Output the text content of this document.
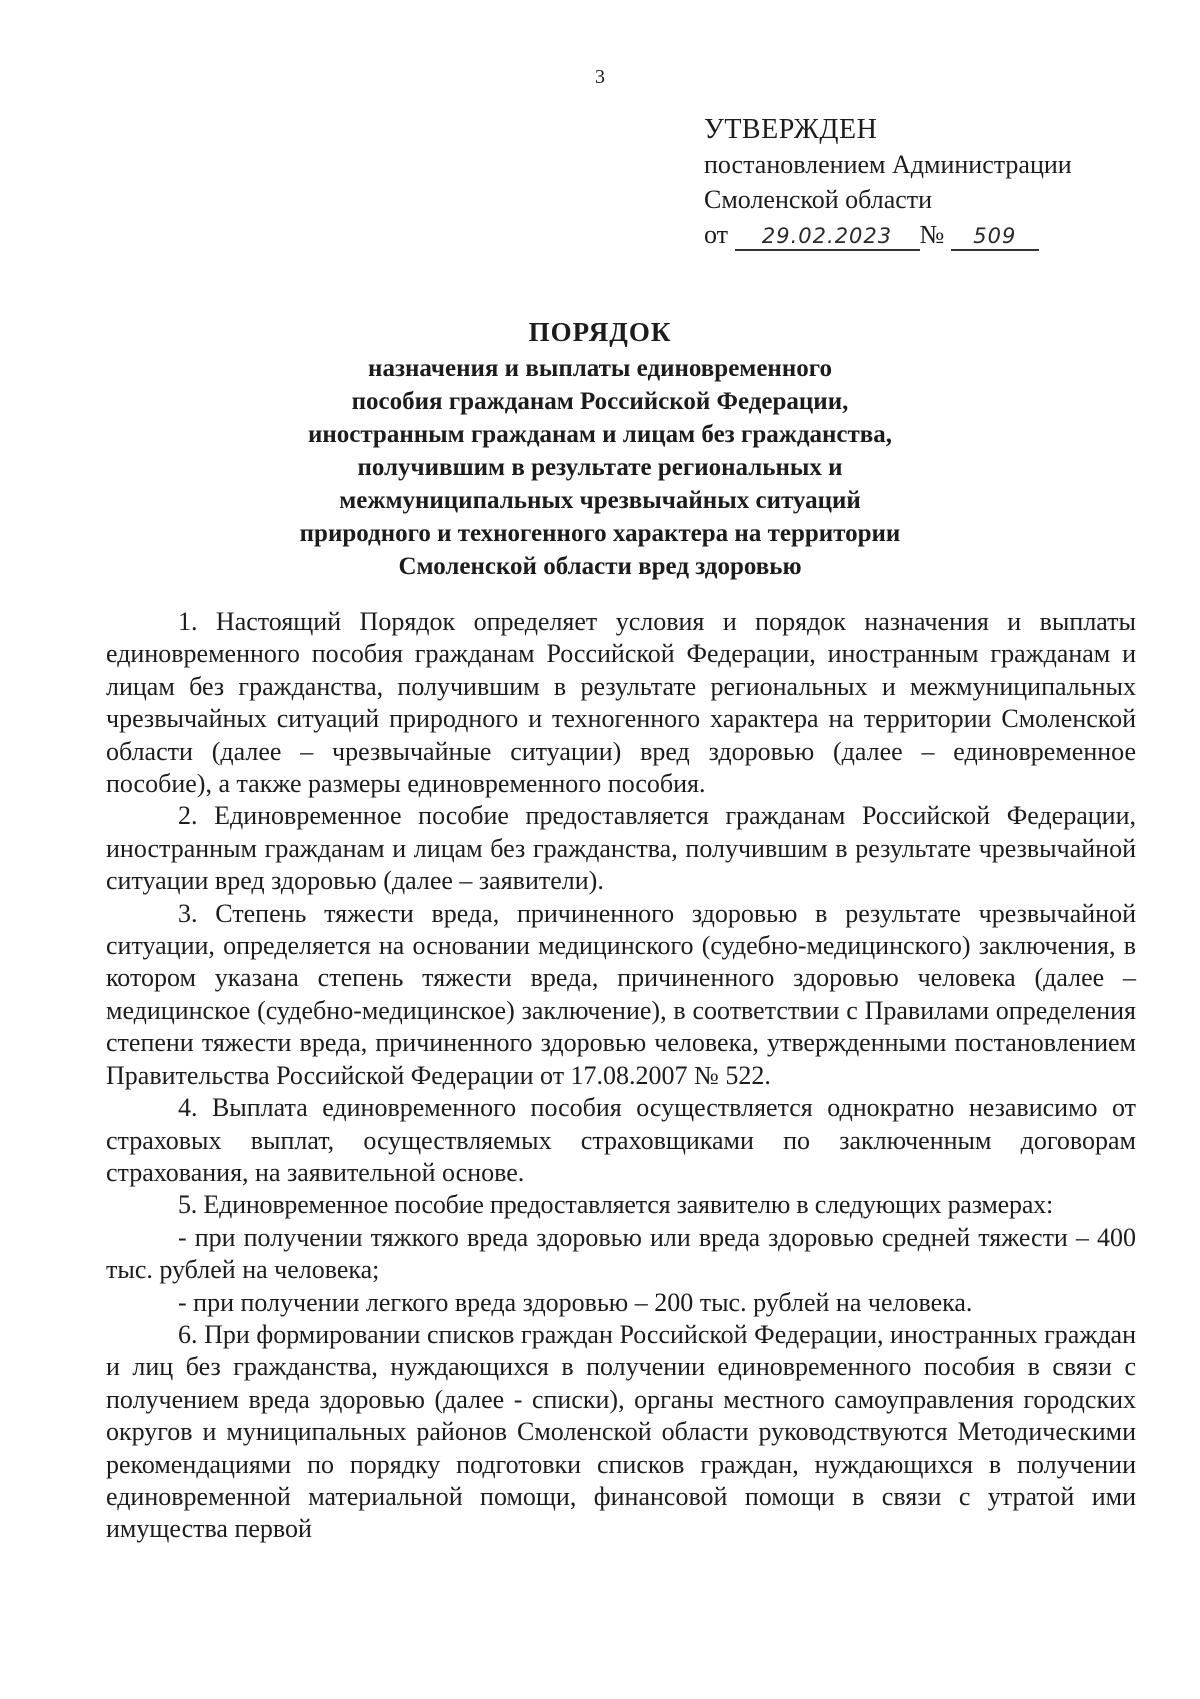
3
УТВЕРЖДЕН
постановлением Администрации
Смоленской области
от 29.02.2023 № 509
ПОРЯДОК
назначения и выплаты единовременного
пособия гражданам Российской Федерации,
иностранным гражданам и лицам без гражданства,
получившим в результате региональных и
межмуниципальных чрезвычайных ситуаций
природного и техногенного характера на территории
Смоленской области вред здоровью

1. Настоящий Порядок определяет условия и порядок назначения и выплаты единовременного пособия гражданам Российской Федерации, иностранным гражданам и лицам без гражданства, получившим в результате региональных и межмуниципальных чрезвычайных ситуаций природного и техногенного характера на территории Смоленской области (далее – чрезвычайные ситуации) вред здоровью (далее – единовременное пособие), а также размеры единовременного пособия.

2. Единовременное пособие предоставляется гражданам Российской Федерации, иностранным гражданам и лицам без гражданства, получившим в результате чрезвычайной ситуации вред здоровью (далее – заявители).

3. Степень тяжести вреда, причиненного здоровью в результате чрезвычайной ситуации, определяется на основании медицинского (судебно-медицинского) заключения, в котором указана степень тяжести вреда, причиненного здоровью человека (далее – медицинское (судебно-медицинское) заключение), в соответствии с Правилами определения степени тяжести вреда, причиненного здоровью человека, утвержденными постановлением Правительства Российской Федерации от 17.08.2007 № 522.

4. Выплата единовременного пособия осуществляется однократно независимо от страховых выплат, осуществляемых страховщиками по заключенным договорам страхования, на заявительной основе.

5. Единовременное пособие предоставляется заявителю в следующих размерах:

- при получении тяжкого вреда здоровью или вреда здоровью средней тяжести – 400 тыс. рублей на человека;

- при получении легкого вреда здоровью – 200 тыс. рублей на человека.

6. При формировании списков граждан Российской Федерации, иностранных граждан и лиц без гражданства, нуждающихся в получении единовременного пособия в связи с получением вреда здоровью (далее - списки), органы местного самоуправления городских округов и муниципальных районов Смоленской области руководствуются Методическими рекомендациями по порядку подготовки списков граждан, нуждающихся в получении единовременной материальной помощи, финансовой помощи в связи с утратой ими имущества первой
